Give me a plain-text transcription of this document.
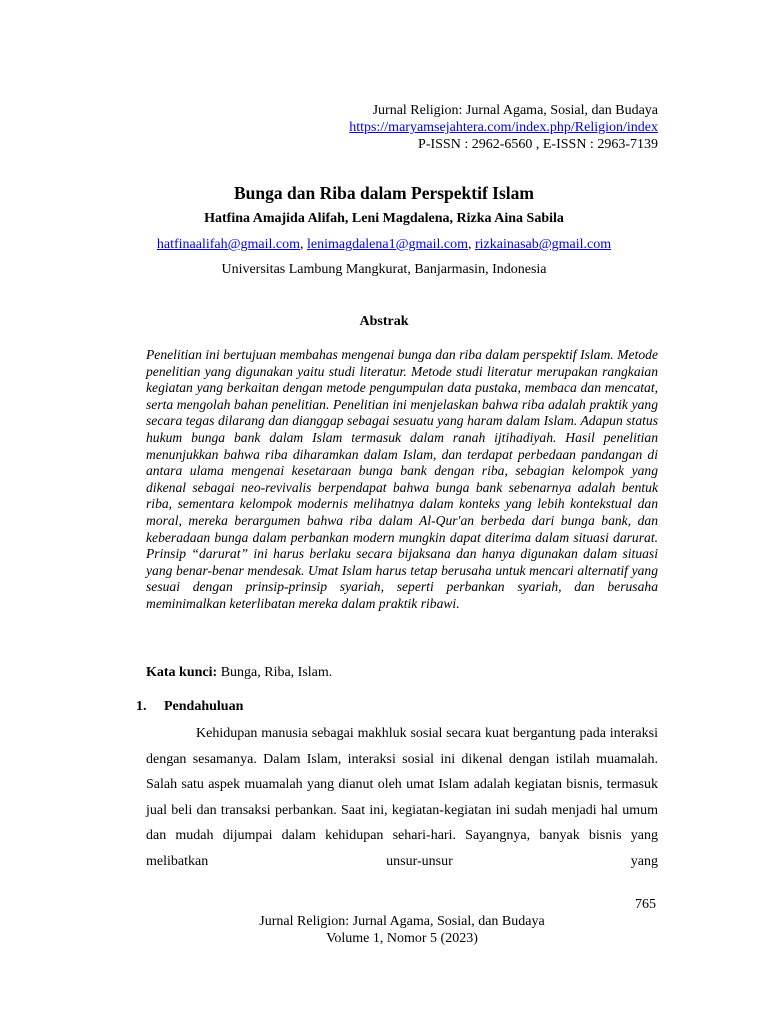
Jurnal Religion: Jurnal Agama, Sosial, dan Budaya
https://maryamsejahtera.com/index.php/Religion/index
P-ISSN : 2962-6560 , E-ISSN : 2963-7139
Bunga dan Riba dalam Perspektif Islam
Hatfina Amajida Alifah, Leni Magdalena, Rizka Aina Sabila
hatfinaalifah@gmail.com, lenimagdalena1@gmail.com, rizkainasab@gmail.com
Universitas Lambung Mangkurat, Banjarmasin, Indonesia
Abstrak

Penelitian ini bertujuan membahas mengenai bunga dan riba dalam perspektif Islam. Metode penelitian yang digunakan yaitu studi literatur. Metode studi literatur merupakan rangkaian kegiatan yang berkaitan dengan metode pengumpulan data pustaka, membaca dan mencatat, serta mengolah bahan penelitian. Penelitian ini menjelaskan bahwa riba adalah praktik yang secara tegas dilarang dan dianggap sebagai sesuatu yang haram dalam Islam. Adapun status hukum bunga bank dalam Islam termasuk dalam ranah ijtihadiyah. Hasil penelitian menunjukkan bahwa riba diharamkan dalam Islam, dan terdapat perbedaan pandangan di antara ulama mengenai kesetaraan bunga bank dengan riba, sebagian kelompok yang dikenal sebagai neo-revivalis berpendapat bahwa bunga bank sebenarnya adalah bentuk riba, sementara kelompok modernis melihatnya dalam konteks yang lebih kontekstual dan moral, mereka berargumen bahwa riba dalam Al-Qur'an berbeda dari bunga bank, dan keberadaan bunga dalam perbankan modern mungkin dapat diterima dalam situasi darurat. Prinsip “darurat” ini harus berlaku secara bijaksana dan hanya digunakan dalam situasi yang benar-benar mendesak. Umat Islam harus tetap berusaha untuk mencari alternatif yang sesuai dengan prinsip-prinsip syariah, seperti perbankan syariah, dan berusaha meminimalkan keterlibatan mereka dalam praktik ribawi.

Kata kunci: Bunga, Riba, Islam.
1. Pendahuluan

Kehidupan manusia sebagai makhluk sosial secara kuat bergantung pada interaksi dengan sesamanya. Dalam Islam, interaksi sosial ini dikenal dengan istilah muamalah. Salah satu aspek muamalah yang dianut oleh umat Islam adalah kegiatan bisnis, termasuk jual beli dan transaksi perbankan. Saat ini, kegiatan-kegiatan ini sudah menjadi hal umum dan mudah dijumpai dalam kehidupan sehari-hari. Sayangnya, banyak bisnis yang melibatkan unsur-unsur yang

765
Jurnal Religion: Jurnal Agama, Sosial, dan Budaya
Volume 1, Nomor 5 (2023)
